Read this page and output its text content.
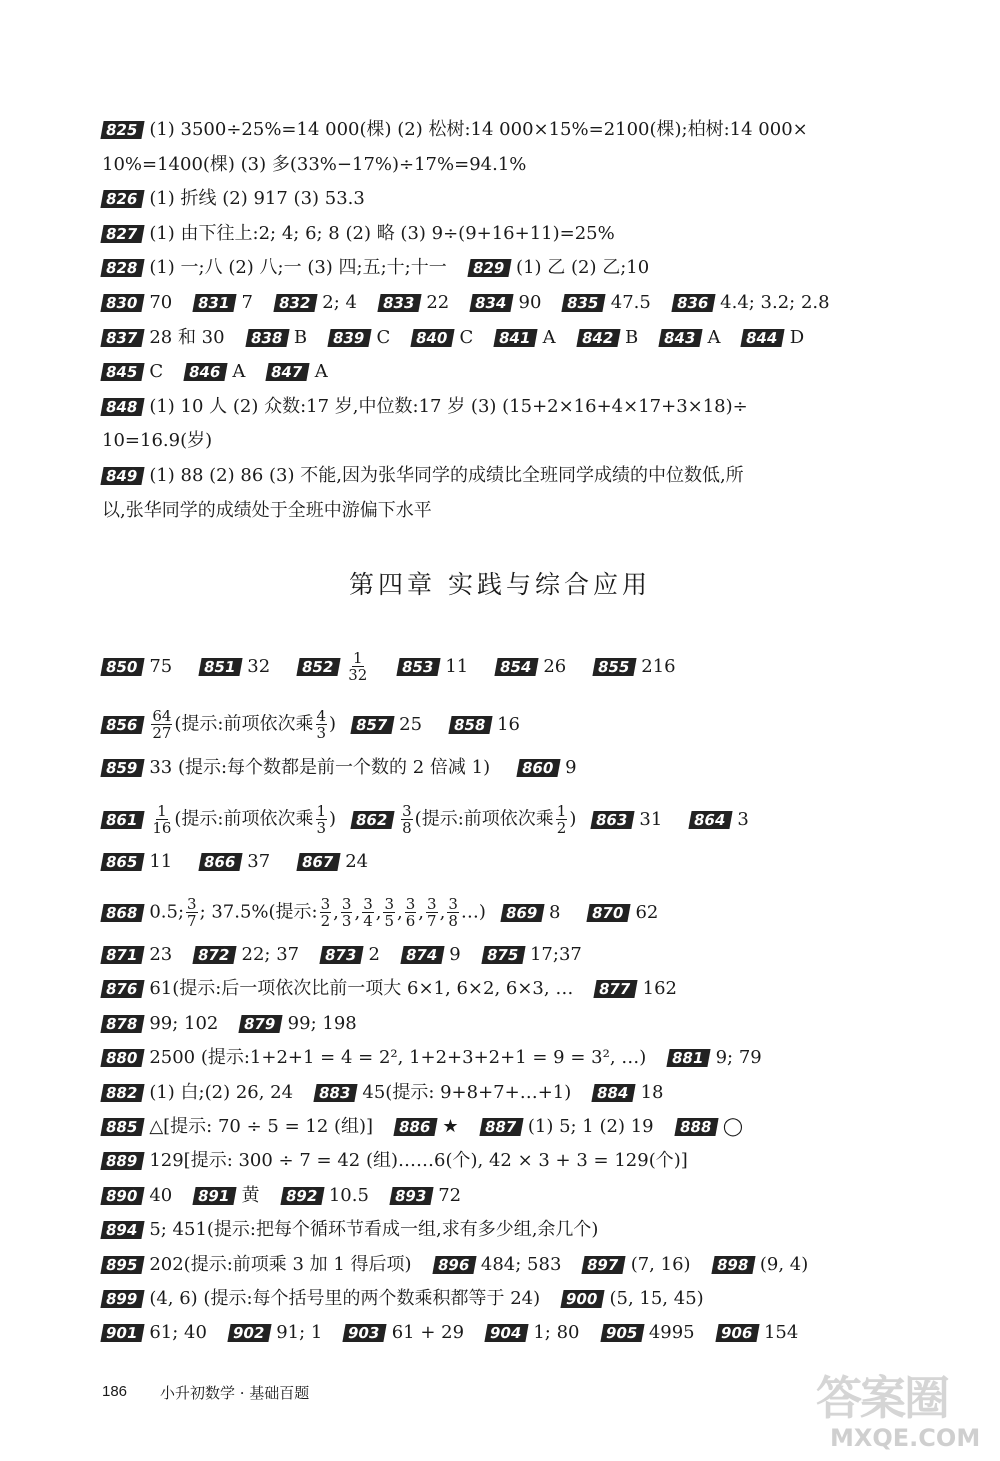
825 (1) 3500÷25%=14 000(棵) (2) 松树:14 000×15%=2100(棵);柏树:14 000×
10%=1400(棵) (3) 多(33%−17%)÷17%=94.1%
826 (1) 折线 (2) 917 (3) 53.3
827 (1) 由下往上:2; 4; 6; 8 (2) 略 (3) 9÷(9+16+11)=25%
828 (1) 一;八 (2) 八;一 (3) 四;五;十;十一 829 (1) 乙 (2) 乙;10
830 70 831 7 832 2; 4 833 22 834 90 835 47.5 836 4.4; 3.2; 2.8
837 28 和 30 838 B 839 C 840 C 841 A 842 B 843 A 844 D
845 C 846 A 847 A
848 (1) 10 人 (2) 众数:17 岁,中位数:17 岁 (3) (15+2×16+4×17+3×18)÷
10=16.9(岁)
849 (1) 88 (2) 86 (3) 不能,因为张华同学的成绩比全班同学成绩的中位数低,所
以,张华同学的成绩处于全班中游偏下水平
第四章 实践与综合应用
850 75 851 32 $852 \frac{1}{32} 853$ 11 854 26 855 216
$856 \frac{64}{27}$ (提示:前项依次乘 $\frac{4}{3}$ ) 857 25 858 16
859 33 (提示:每个数都是前一个数的 2 倍减 1) 860 9
$861 \frac{1}{16}$ (提示:前项依次乘 $\frac{1}{3}$ ) $862 \frac{3}{8}$ (提示:前项依次乘 $\frac{1}{2}$ ) 863 31 864 3
865 11 866 37 867 24
868 0.5; $\frac{3}{7}$ ; 37.5%(提示: $\frac{3}{2}$ , $\frac{3}{3}$ , $\frac{3}{4}$ , $\frac{3}{5}$ , $\frac{3}{6}$ , $\frac{3}{7}$ , $\frac{3}{8}$ …) 869 8 870 62
871 23 872 22; 37 873 2 874 9 875 17;37
876 61(提示:后一项依次比前一项大 6×1, 6×2, 6×3, … 877 162
878 99; 102 879 99; 198
880 2500 (提示:1+2+1 = 4 = 2², 1+2+3+2+1 = 9 = 3², …) 881 9; 79
882 (1) 白;(2) 26, 24 883 45(提示: 9+8+7+…+1) 884 18
885 △[提示: 70 ÷ 5 = 12 (组)] 886 ★ 887 (1) 5; 1 (2) 19 888 ◯
889 129[提示: 300 ÷ 7 = 42 (组)……6(个), 42 × 3 + 3 = 129(个)]
890 40 891 黄 892 10.5 893 72
894 5; 451(提示:把每个循环节看成一组,求有多少组,余几个)
895 202(提示:前项乘 3 加 1 得后项) 896 484; 583 897 (7, 16) 898 (9, 4)
899 (4, 6) (提示:每个括号里的两个数乘积都等于 24) 900 (5, 15, 45)
901 61; 40 902 91; 1 903 61 + 29 904 1; 80 905 4995 906 154
186 小升初数学 · 基础百题	答案圈
MXQE.COM
